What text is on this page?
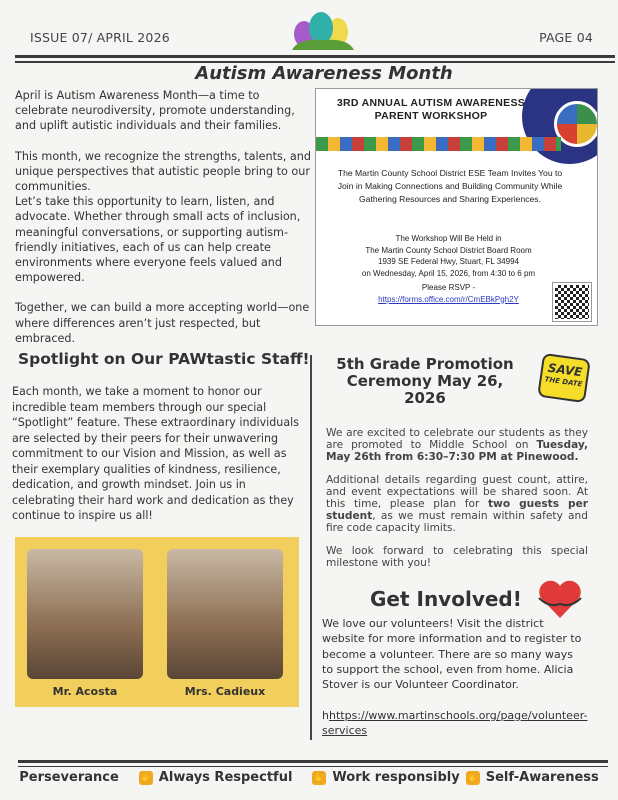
ISSUE 07/ APRIL 2026	PAGE 04
Autism Awareness Month

April is Autism Awareness Month—a time to celebrate neurodiversity, promote understanding, and uplift autistic individuals and their families.

This month, we recognize the strengths, talents, and unique perspectives that autistic people bring to our communities.
Let’s take this opportunity to learn, listen, and advocate. Whether through small acts of inclusion, meaningful conversations, or supporting autism-friendly initiatives, each of us can help create environments where everyone feels valued and empowered.

Together, we can build a more accepting world—one where differences aren’t just respected, but embraced.

3RD ANNUAL AUTISM AWARENESS PARENT WORKSHOP
The Martin County School District ESE Team Invites You to Join in Making Connections and Building Community While Gathering Resources and Sharing Experiences.
The Workshop Will Be Held in
The Martin County School District Board Room
1939 SE Federal Hwy, Stuart, FL 34994
on Wednesday, April 15, 2026, from 4:30 to 6 pm
Please RSVP -
https://forms.office.com/r/CmEBkPgh2Y
Spotlight on Our PAWtastic Staff!
Each month, we take a moment to honor our incredible team members through our special “Spotlight” feature. These extraordinary individuals are selected by their peers for their unwavering commitment to our Vision and Mission, as well as their exemplary qualities of kindness, resilience, dedication, and growth mindset. Join us in celebrating their hard work and dedication as they continue to inspire us all!
Mr. Acosta	Mrs. Cadieux
5th Grade Promotion Ceremony May 26, 2026
SAVE
THE DATE

We are excited to celebrate our students as they are promoted to Middle School on Tuesday, May 26th from 6:30–7:30 PM at Pinewood.

Additional details regarding guest count, attire, and event expectations will be shared soon. At this time, please plan for two guests per student, as we must remain within safety and fire code capacity limits.

We look forward to celebrating this special milestone with you!

Get Involved!
We love our volunteers! Visit the district website for more information and to register to become a volunteer. There are so many ways to support the school, even from home. Alicia Stover is our Volunteer Coordinator.
hhttps://www.martinschools.org/page/volunteer-services
Perseverance ✋ Always Respectful ✋ Work responsibly ✋ Self-Awareness
